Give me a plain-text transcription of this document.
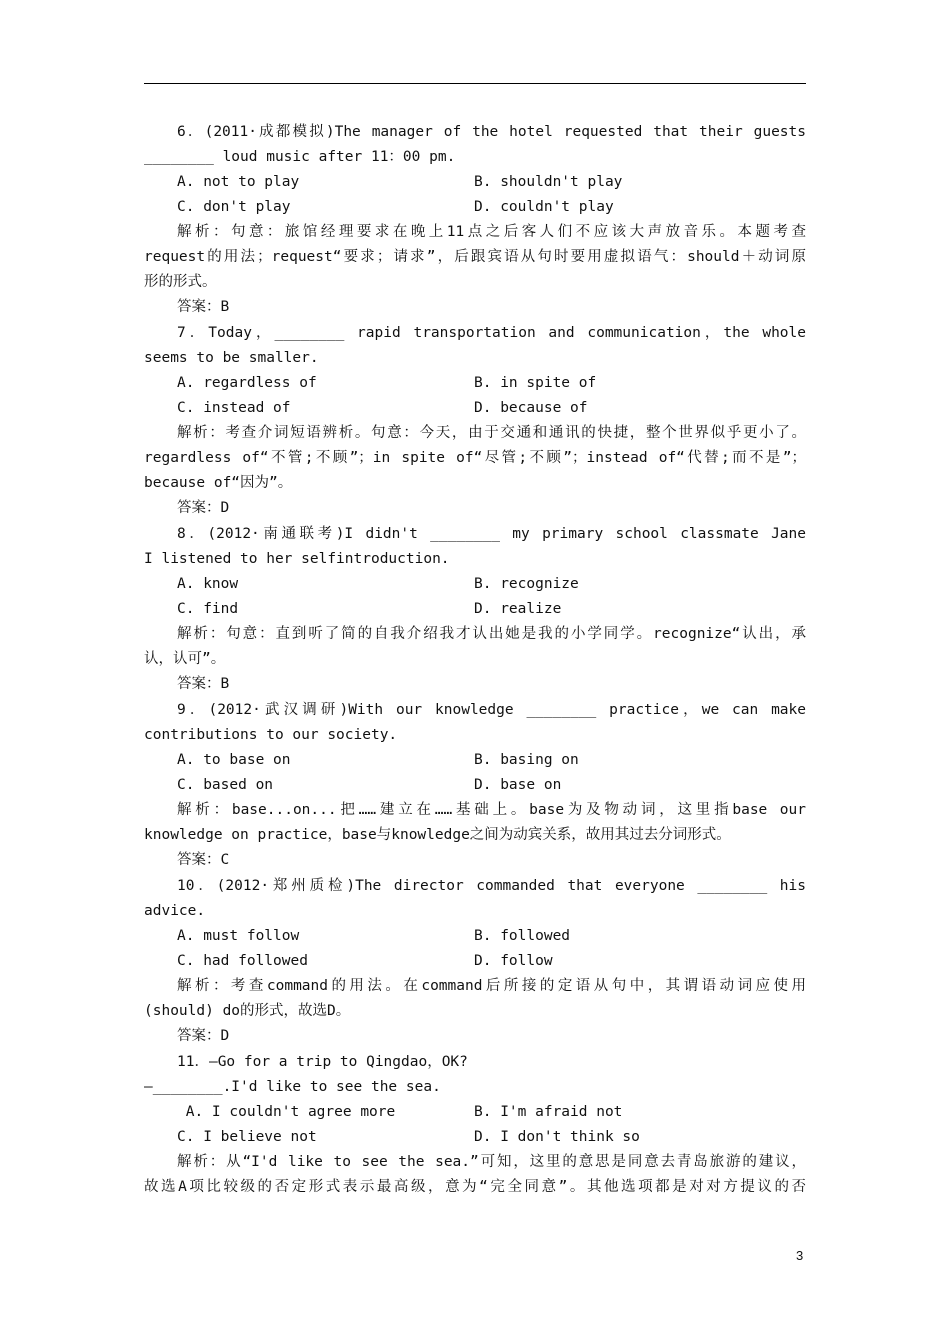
6．(2011·成都模拟)The manager of the hotel requested that their guests
________ loud music after 11：00 pm.
A. not to play	B. shouldn't play
C. don't play	D. couldn't play
解析：句意：旅馆经理要求在晚上11点之后客人们不应该大声放音乐。本题考查
request的用法；request“要求；请求”，后跟宾语从句时要用虚拟语气：should＋动词原
形的形式。
答案：B
7．Today，________ rapid transportation and communication，the whole
seems to be smaller.
A. regardless of	B. in spite of
C. instead of	D. because of
解析：考查介词短语辨析。句意：今天，由于交通和通讯的快捷，整个世界似乎更小了。
regardless of“不管;不顾”；in spite of“尽管;不顾”；instead of“代替;而不是”；
because of“因为”。
答案：D
8．(2012·南通联考)I didn't ________ my primary school classmate Jane
I listened to her selfintroduction.
A. know	B. recognize
C. find	D. realize
解析：句意：直到听了简的自我介绍我才认出她是我的小学同学。recognize“认出，承
认，认可”。
答案：B
9．(2012·武汉调研)With our knowledge ________ practice，we can make
contributions to our society.
A. to base on	B. basing on
C. based on	D. base on
解析：base...on...把……建立在……基础上。base为及物动词，这里指base our
knowledge on practice，base与knowledge之间为动宾关系，故用其过去分词形式。
答案：C
10．(2012·郑州质检)The director commanded that everyone ________ his
advice.
A. must follow	B. followed
C. had followed	D. follow
解析：考查command的用法。在command后所接的定语从句中，其谓语动词应使用
(should) do的形式，故选D。
答案：D
11．—Go for a trip to Qingdao，OK?
—________.I'd like to see the sea.
A. I couldn't agree more	B. I'm afraid not
C. I believe not	D. I don't think so
解析：从“I'd like to see the sea.”可知，这里的意思是同意去青岛旅游的建议，
故选A项比较级的否定形式表示最高级，意为“完全同意”。其他选项都是对对方提议的否
3
